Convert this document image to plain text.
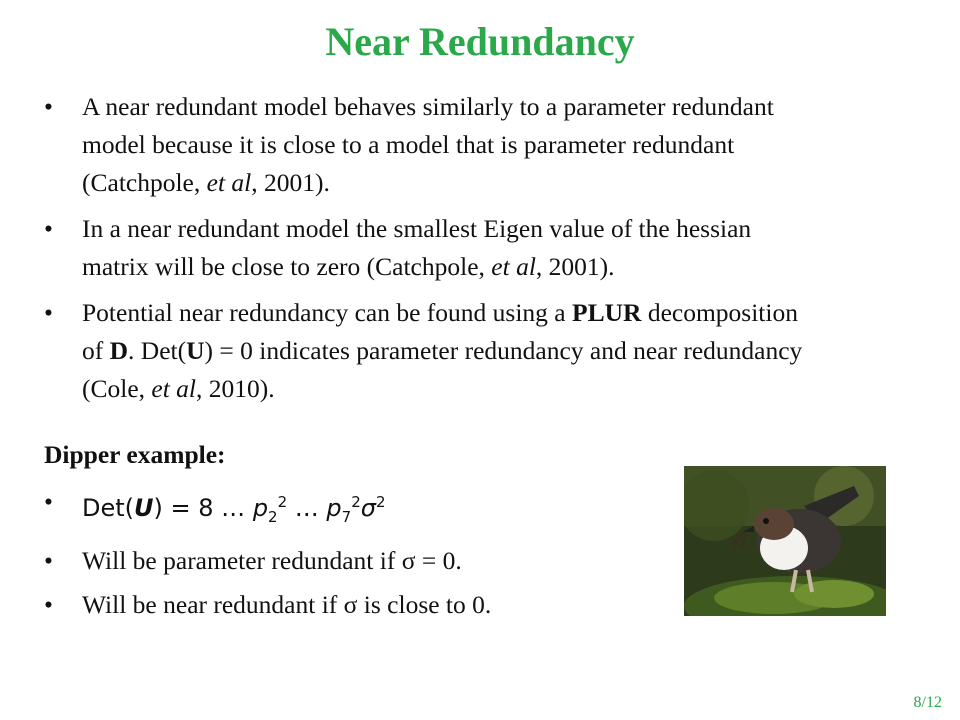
Near Redundancy
• A near redundant model behaves similarly to a parameter redundant model because it is close to a model that is parameter redundant (Catchpole, et al, 2001).
• In a near redundant model the smallest Eigen value of the hessian matrix will be close to zero (Catchpole, et al, 2001).
• Potential near redundancy can be found using a PLUR decomposition of D. Det(U) = 0 indicates parameter redundancy and near redundancy (Cole, et al, 2010).
Dipper example:
• Det(U) = 8 … $p_2^2$ … $p_7^2\sigma^2$
• Will be parameter redundant if σ = 0.
• Will be near redundant if σ is close to 0.
8/12
